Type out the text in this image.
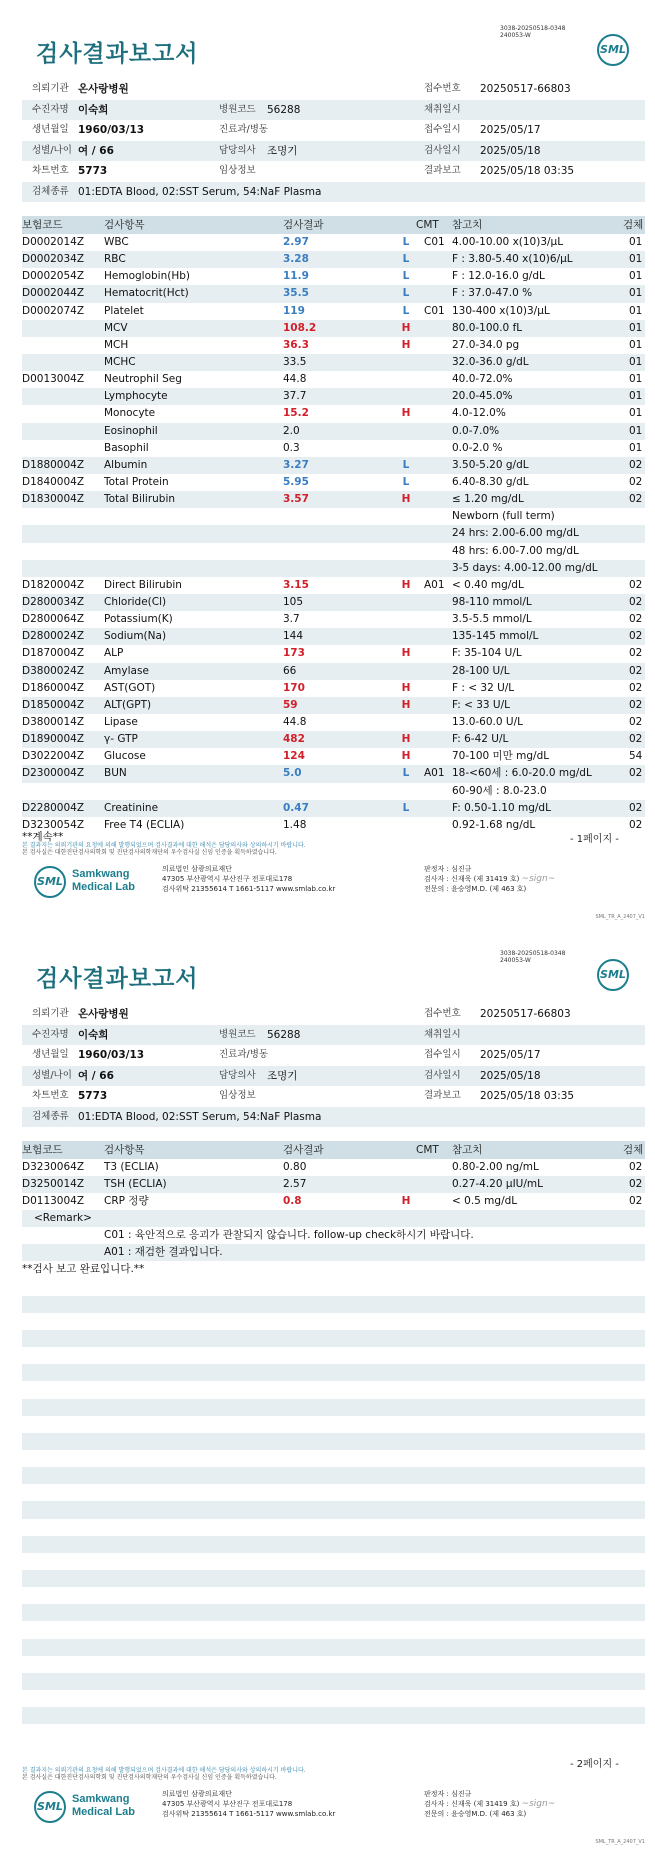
검사결과보고서
3038-20250518-0348
240053-W
SML
의뢰기관 온사랑병원	접수번호 20250517-66803
수진자명 이숙희	병원코드 56288	채취일시
생년월일 1960/03/13	진료과/병동	접수일시 2025/05/17
성별/나이 여 / 66	담당의사 조명기	검사일시 2025/05/18
차트번호 5773	임상정보	결과보고 2025/05/18 03:35
검체종류 01:EDTA Blood, 02:SST Serum, 54:NaF Plasma
보험코드	검사항목	검사결과	CMT 참고치	검체
D0002014Z WBC	2.97	L C01 4.00-10.00 x(10)3/μL	01
D0002034Z RBC	3.28	L	F : 3.80-5.40 x(10)6/μL	01
D0002054Z Hemoglobin(Hb)	11.9	L	F : 12.0-16.0 g/dL	01
D0002044Z Hematocrit(Hct)	35.5	L	F : 37.0-47.0 %	01
D0002074Z Platelet	119	L C01 130-400 x(10)3/μL	01
MCV	108.2	H	80.0-100.0 fL	01
MCH	36.3	H	27.0-34.0 pg	01
MCHC	33.5	32.0-36.0 g/dL	01
D0013004Z Neutrophil Seg	44.8	40.0-72.0%	01
Lymphocyte	37.7	20.0-45.0%	01
Monocyte	15.2	H	4.0-12.0%	01
Eosinophil	2.0	0.0-7.0%	01
Basophil	0.3	0.0-2.0 %	01
D1880004Z Albumin	3.27	L	3.50-5.20 g/dL	02
D1840004Z Total Protein	5.95	L	6.40-8.30 g/dL	02
D1830004Z Total Bilirubin	3.57	H	≤ 1.20 mg/dL	02
Newborn (full term)
24 hrs: 2.00-6.00 mg/dL
48 hrs: 6.00-7.00 mg/dL
3-5 days: 4.00-12.00 mg/dL
D1820004Z Direct Bilirubin	3.15	H A01 < 0.40 mg/dL	02
D2800034Z Chloride(Cl)	105	98-110 mmol/L	02
D2800064Z Potassium(K)	3.7	3.5-5.5 mmol/L	02
D2800024Z Sodium(Na)	144	135-145 mmol/L	02
D1870004Z ALP	173	H	F: 35-104 U/L	02
D3800024Z Amylase	66	28-100 U/L	02
D1860004Z AST(GOT)	170	H	F : < 32 U/L	02
D1850004Z ALT(GPT)	59	H	F: < 33 U/L	02
D3800014Z Lipase	44.8	13.0-60.0 U/L	02
D1890004Z γ- GTP	482	H	F: 6-42 U/L	02
D3022004Z Glucose	124	H	70-100 미만 mg/dL	54
D2300004Z BUN	5.0	L A01 18-<60세 : 6.0-20.0 mg/dL	02
60-90세 : 8.0-23.0
D2280004Z Creatinine	0.47	L	F: 0.50-1.10 mg/dL	02
D3230054Z Free T4 (ECLIA)	1.48	0.92-1.68 ng/dL	02
**계속**	- 1페이지 -
본 결과지는 의뢰기관의 요청에 의해 발행되었으며 검사결과에 대한 해석은 담당의사와 상의하시기 바랍니다.
본 검사실은 대한진단검사의학회 및 진단검사의학재단의 우수검사실 신임 인증을 획득하였습니다.
SML
Samkwang
Medical Lab
의료법인 삼광의료재단
47305 부산광역시 부산진구 전포대로178
검사위탁 21355614 T 1661-5117 www.smlab.co.kr
판정자 : 심진규
검사자 : 신재욱 (제 31419 호) ~sign~
전문의 : 윤승영M.D. (제 463 호)
SML_TR_A_2407_V1
검사결과보고서
3038-20250518-0348
240053-W
SML
의뢰기관 온사랑병원	접수번호 20250517-66803
수진자명 이숙희	병원코드 56288	채취일시
생년월일 1960/03/13	진료과/병동	접수일시 2025/05/17
성별/나이 여 / 66	담당의사 조명기	검사일시 2025/05/18
차트번호 5773	임상정보	결과보고 2025/05/18 03:35
검체종류 01:EDTA Blood, 02:SST Serum, 54:NaF Plasma
보험코드	검사항목	검사결과	CMT 참고치	검체
D3230064Z T3 (ECLIA)	0.80	0.80-2.00 ng/mL	02
D3250014Z TSH (ECLIA)	2.57	0.27-4.20 μIU/mL	02
D0113004Z CRP 정량	0.8	H	< 0.5 mg/dL	02
<Remark>
C01 : 육안적으로 응괴가 관찰되지 않습니다. follow-up check하시기 바랍니다.
A01 : 재검한 결과입니다.
**검사 보고 완료입니다.**
- 2페이지 -
본 결과지는 의뢰기관의 요청에 의해 발행되었으며 검사결과에 대한 해석은 담당의사와 상의하시기 바랍니다.
본 검사실은 대한진단검사의학회 및 진단검사의학재단의 우수검사실 신임 인증을 획득하였습니다.
SML
Samkwang
Medical Lab
의료법인 삼광의료재단
47305 부산광역시 부산진구 전포대로178
검사위탁 21355614 T 1661-5117 www.smlab.co.kr
판정자 : 심진규
검사자 : 신재욱 (제 31419 호) ~sign~
전문의 : 윤승영M.D. (제 463 호)
SML_TR_A_2407_V1
